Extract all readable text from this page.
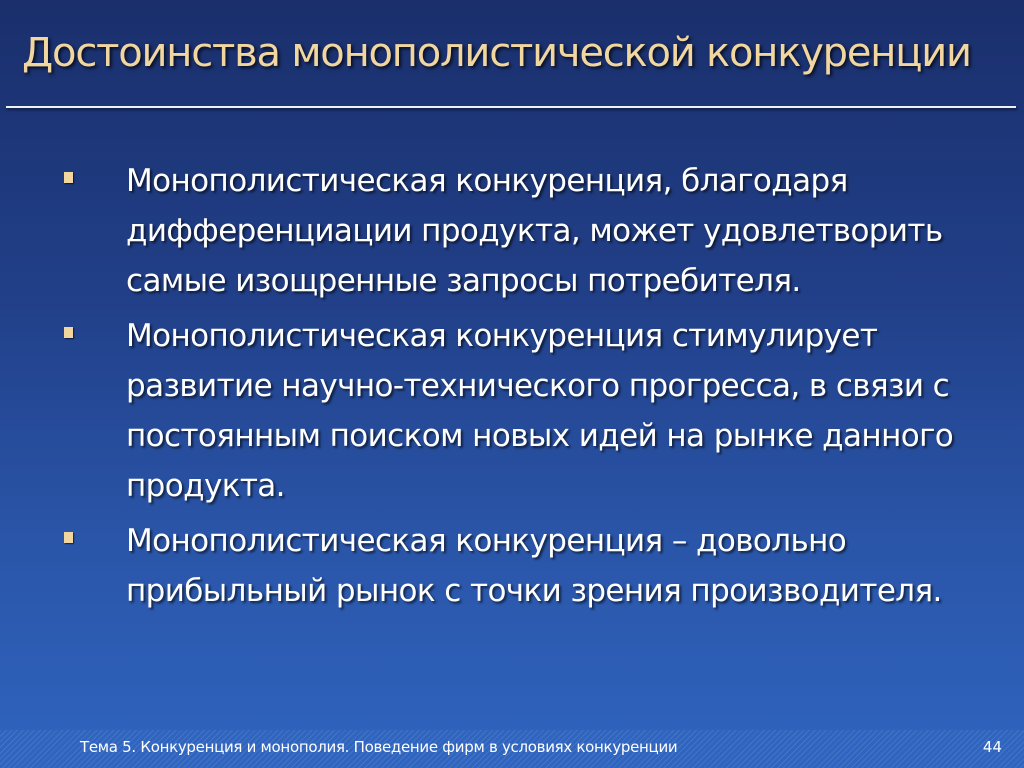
Достоинства монополистической конкуренции
Монополистическая конкуренция, благодаря дифференциации продукта, может удовлетворить самые изощренные запросы потребителя.
Монополистическая конкуренция стимулирует развитие научно-технического прогресса, в связи с постоянным поиском новых идей на рынке данного продукта.
Монополистическая конкуренция – довольно прибыльный рынок с точки зрения производителя.
Тема 5. Конкуренция и монополия. Поведение фирм в условиях конкуренции	44
